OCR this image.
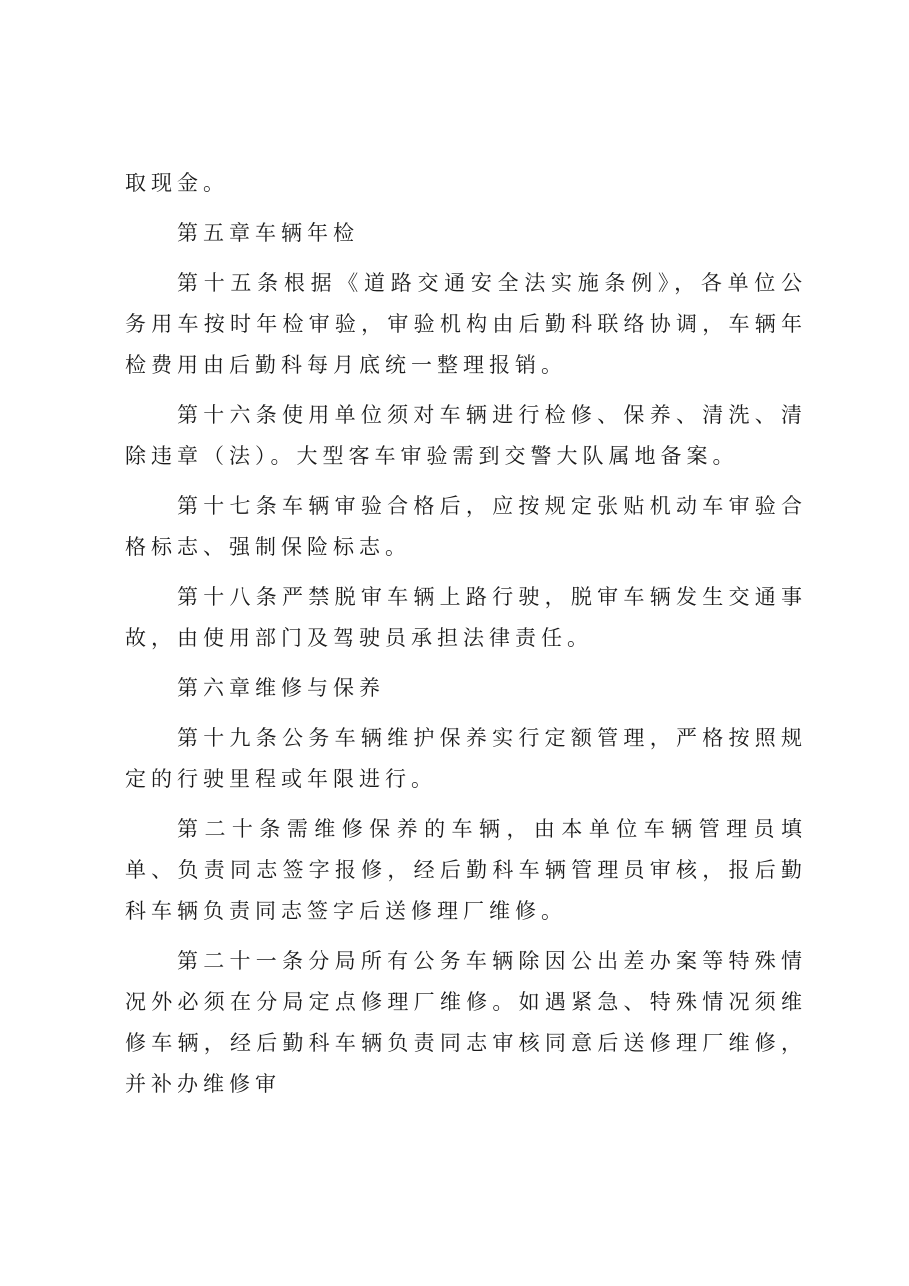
取现金。

第五章车辆年检

第十五条根据《道路交通安全法实施条例》，各单位公务用车按时年检审验，审验机构由后勤科联络协调，车辆年检费用由后勤科每月底统一整理报销。

第十六条使用单位须对车辆进行检修、保养、清洗、清除违章（法）。大型客车审验需到交警大队属地备案。

第十七条车辆审验合格后，应按规定张贴机动车审验合格标志、强制保险标志。

第十八条严禁脱审车辆上路行驶，脱审车辆发生交通事故，由使用部门及驾驶员承担法律责任。

第六章维修与保养

第十九条公务车辆维护保养实行定额管理，严格按照规定的行驶里程或年限进行。

第二十条需维修保养的车辆，由本单位车辆管理员填单、负责同志签字报修，经后勤科车辆管理员审核，报后勤科车辆负责同志签字后送修理厂维修。

第二十一条分局所有公务车辆除因公出差办案等特殊情况外必须在分局定点修理厂维修。如遇紧急、特殊情况须维修车辆，经后勤科车辆负责同志审核同意后送修理厂维修，并补办维修审
